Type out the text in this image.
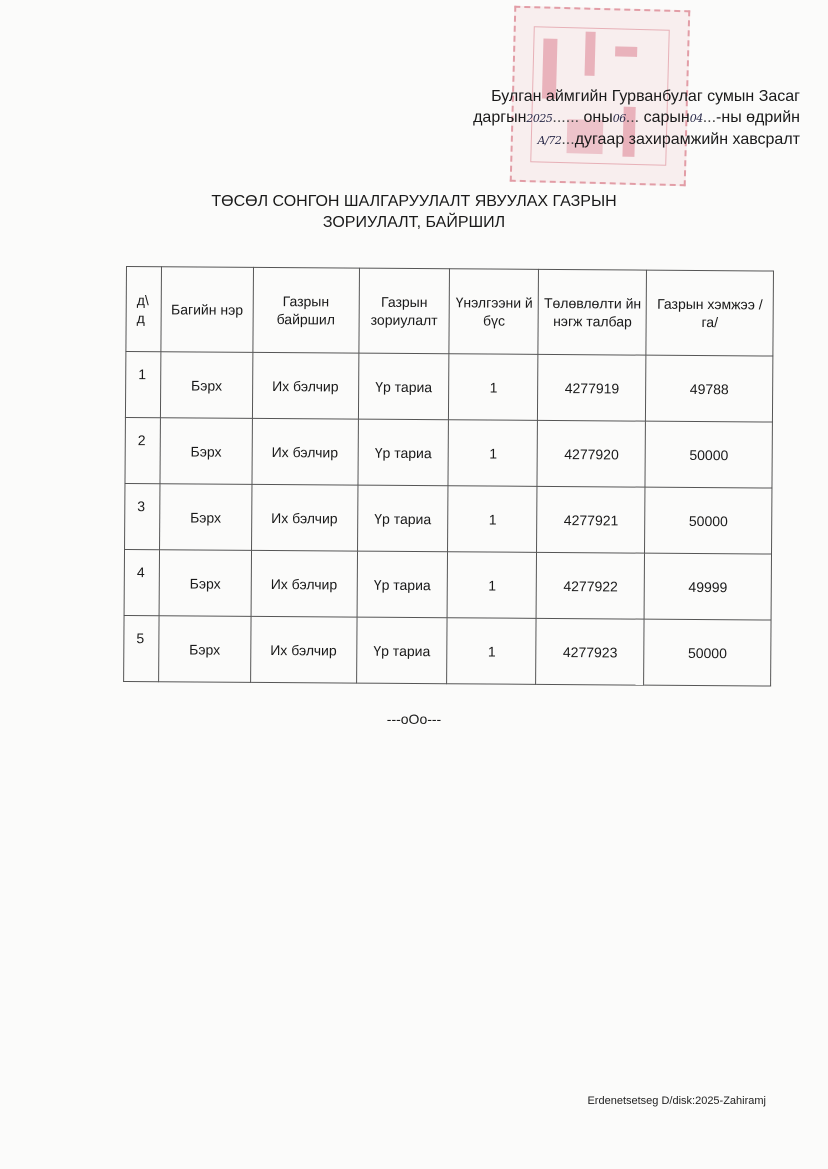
Булган аймгийн Гурванбулаг сумын Засаг
даргын2025...... оны06... сарын04...-ны өдрийн
А/72...дугаар захирамжийн хавсралт
ТӨСӨЛ СОНГОН ШАЛГАРУУЛАЛТ ЯВУУЛАХ ГАЗРЫН
ЗОРИУЛАЛТ, БАЙРШИЛ
д\ д	Багийн нэр	Газрын байршил	Газрын зориулалт	Үнэлгээни й бүс	Төлөвлөлти йн нэгж талбар	Газрын хэмжээ /га/
1	Бэрх	Их бэлчир	Үр тариа	1	4277919	49788
2	Бэрх	Их бэлчир	Үр тариа	1	4277920	50000
3	Бэрх	Их бэлчир	Үр тариа	1	4277921	50000
4	Бэрх	Их бэлчир	Үр тариа	1	4277922	49999
5	Бэрх	Их бэлчир	Үр тариа	1	4277923	50000
---oOo---
Erdenetsetseg D/disk:2025-Zahiramj
